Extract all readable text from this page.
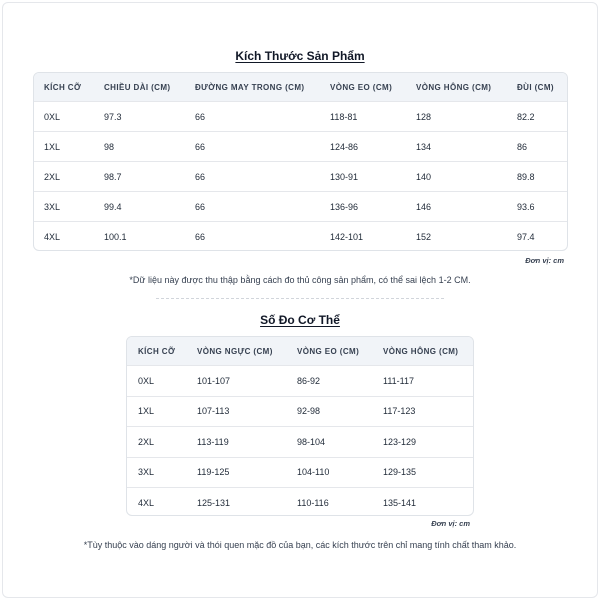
Kích Thước Sản Phẩm
KÍCH CỠ	CHIỀU DÀI (CM)	ĐƯỜNG MAY TRONG (CM)	VÒNG EO (CM)	VÒNG HÔNG (CM)	ĐÙI (CM)
0XL	97.3	66	118-81	128	82.2
1XL	98	66	124-86	134	86
2XL	98.7	66	130-91	140	89.8
3XL	99.4	66	136-96	146	93.6
4XL	100.1	66	142-101	152	97.4
Đơn vị: cm
*Dữ liệu này được thu thập bằng cách đo thủ công sản phẩm, có thể sai lệch 1-2 CM.
Số Đo Cơ Thể
KÍCH CỠ	VÒNG NGỰC (CM)	VÒNG EO (CM)	VÒNG HÔNG (CM)
0XL	101-107	86-92	111-117
1XL	107-113	92-98	117-123
2XL	113-119	98-104	123-129
3XL	119-125	104-110	129-135
4XL	125-131	110-116	135-141
Đơn vị: cm
*Tùy thuộc vào dáng người và thói quen mặc đồ của bạn, các kích thước trên chỉ mang tính chất tham khảo.
